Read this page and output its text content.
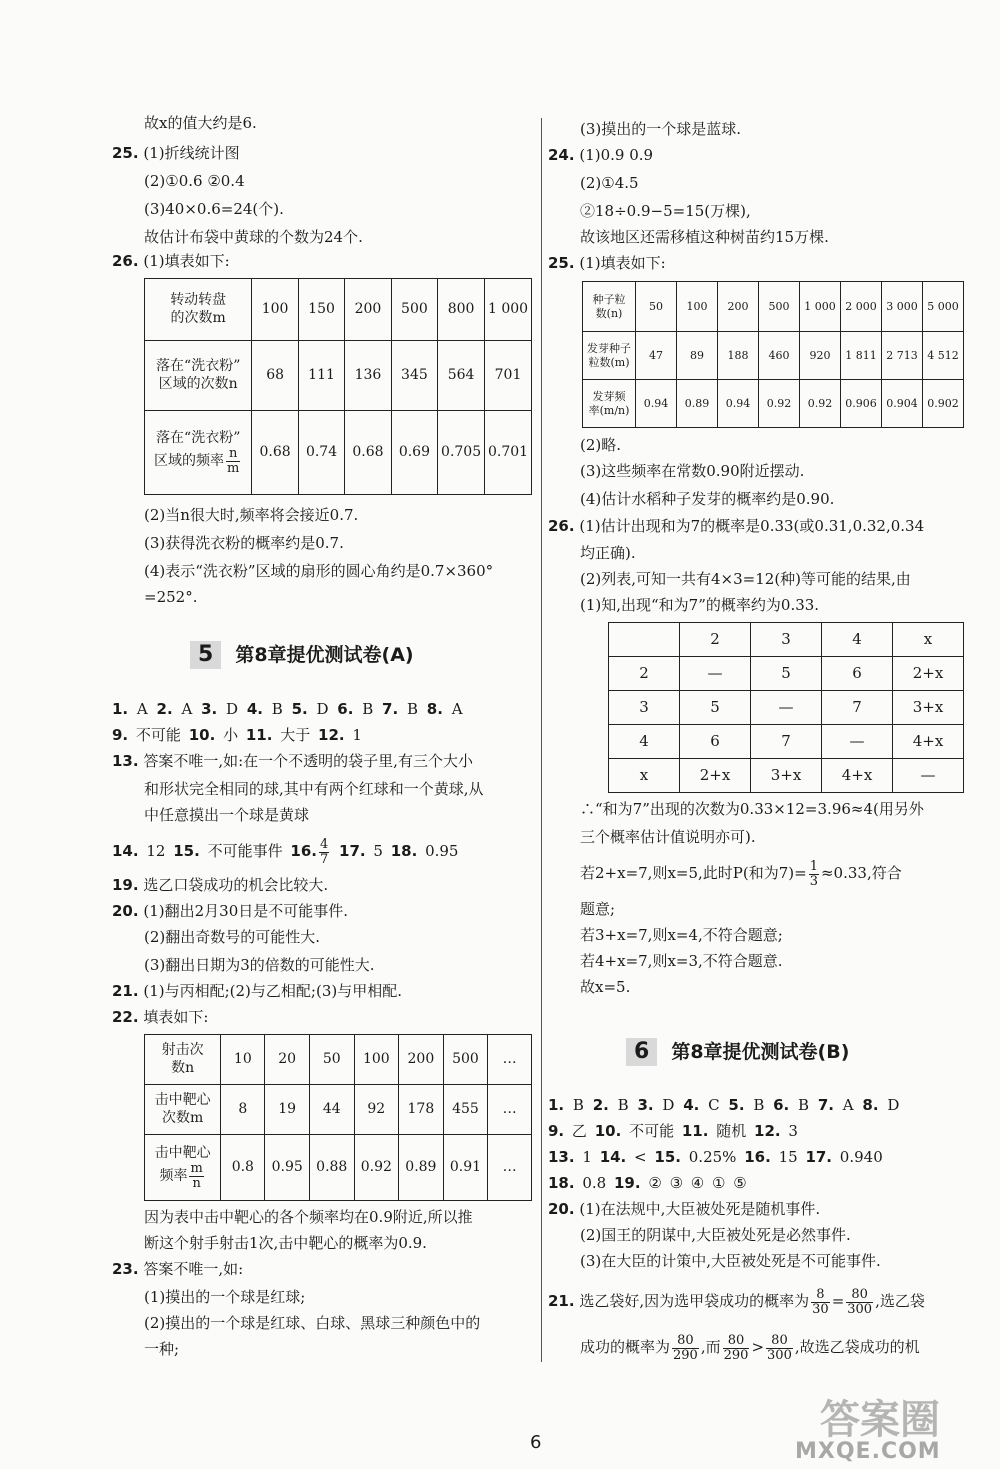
故x的值大约是6.
25. (1)折线统计图
(2)①0.6 ②0.4
(3)40×0.6=24(个).
故估计布袋中黄球的个数为24个.
26. (1)填表如下:
转动转盘
的次数m	100	150	200	500	800	1 000
落在“洗衣粉”
区域的次数n	68	111	136	345	564	701
落在“洗衣粉”
区域的频率 $\frac{n}{m}$	0.68	0.74	0.68	0.69	0.705	0.701
(2)当n很大时,频率将会接近0.7.
(3)获得洗衣粉的概率约是0.7.
(4)表示“洗衣粉”区域的扇形的圆心角约是0.7×360°
=252°.
5 第8章提优测试卷(A)
1. A 2. A 3. D 4. B 5. D 6. B 7. B 8. A
9. 不可能 10. 小 11. 大于 12. 1
13. 答案不唯一,如:在一个不透明的袋子里,有三个大小
和形状完全相同的球,其中有两个红球和一个黄球,从
中任意摸出一个球是黄球
14. 12 15. 不可能事件 16. $\frac{4}{7} 17$. 5 18. 0.95
19. 选乙口袋成功的机会比较大.
20. (1)翻出2月30日是不可能事件.
(2)翻出奇数号的可能性大.
(3)翻出日期为3的倍数的可能性大.
21. (1)与丙相配;(2)与乙相配;(3)与甲相配.
22. 填表如下:
射击次
数n	10	20	50	100	200	500	…
击中靶心
次数m	8	19	44	92	178	455	…
击中靶心
频率 $\frac{m}{n}$	0.8	0.95	0.88	0.92	0.89	0.91	…
因为表中击中靶心的各个频率均在0.9附近,所以推
断这个射手射击1次,击中靶心的概率为0.9.
23. 答案不唯一,如:
(1)摸出的一个球是红球;
(2)摸出的一个球是红球、白球、黑球三种颜色中的
一种;
(3)摸出的一个球是蓝球.
24. (1)0.9 0.9
(2)①4.5
②18÷0.9−5=15(万棵),
故该地区还需移植这种树苗约15万棵.
25. (1)填表如下:
种子粒
数(n)	50	100	200	500	1 000	2 000	3 000	5 000
发芽种子
粒数(m)	47	89	188	460	920	1 811	2 713	4 512
发芽频
率(m/n)	0.94	0.89	0.94	0.92	0.92	0.906	0.904	0.902
(2)略.
(3)这些频率在常数0.90附近摆动.
(4)估计水稻种子发芽的概率约是0.90.
26. (1)估计出现和为7的概率是0.33(或0.31,0.32,0.34
均正确).
(2)列表,可知一共有4×3=12(种)等可能的结果,由
(1)知,出现“和为7”的概率约为0.33.
	2	3	4	x
2	—	5	6	2+x
3	5	—	7	3+x
4	6	7	—	4+x
x	2+x	3+x	4+x	—
∴“和为7”出现的次数为0.33×12=3.96≈4(用另外
三个概率估计值说明亦可).
若2+x=7,则x=5,此时P(和为$7)= \frac{1}{3} \approx 0.33$,符合
题意;
若3+x=7,则x=4,不符合题意;
若4+x=7,则x=3,不符合题意.
故x=5.
6 第8章提优测试卷(B)
1. B 2. B 3. D 4. C 5. B 6. B 7. A 8. D
9. 乙 10. 不可能 11. 随机 12. 3
13. 1 14. < 15. 0.25% 16. 15 17. 0.940
18. 0.8 19. ② ③ ④ ① ⑤
20. (1)在法规中,大臣被处死是随机事件.
(2)国王的阴谋中,大臣被处死是必然事件.
(3)在大臣的计策中,大臣被处死是不可能事件.
21. 选乙袋好,因为选甲袋成功的概率为 $\frac{8}{30} = \frac{80}{300}$ ,选乙袋
成功的概率为 $\frac{80}{290}$ ,而 $\frac{80}{290} > \frac{80}{300}$ ,故选乙袋成功的机
6	答案圈
MXQE.COM
